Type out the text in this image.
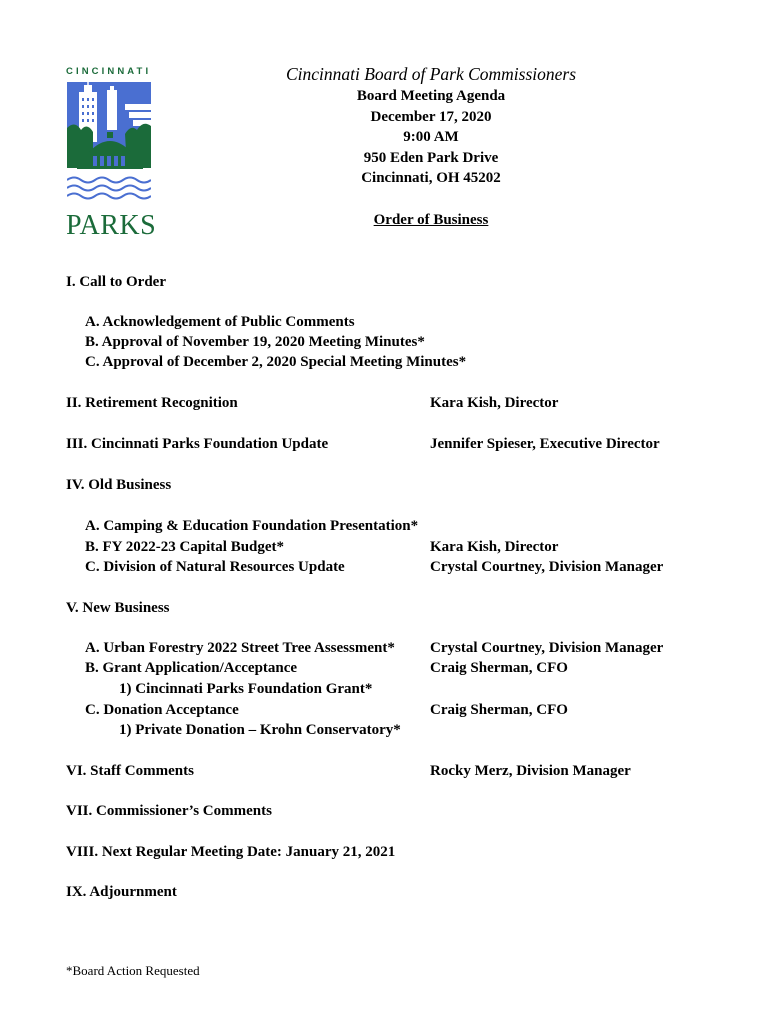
CINCINNATI
PARKS
Cincinnati Board of Park Commissioners
Board Meeting Agenda
December 17, 2020
9:00 AM
950 Eden Park Drive
Cincinnati, OH 45202
Order of Business
I. Call to Order
A. Acknowledgement of Public Comments
B. Approval of November 19, 2020 Meeting Minutes*
C. Approval of December 2, 2020 Special Meeting Minutes*
II. Retirement Recognition	Kara Kish, Director
III. Cincinnati Parks Foundation Update	Jennifer Spieser, Executive Director
IV. Old Business
A. Camping & Education Foundation Presentation*
B. FY 2022-23 Capital Budget*	Kara Kish, Director
C. Division of Natural Resources Update	Crystal Courtney, Division Manager
V. New Business
A. Urban Forestry 2022 Street Tree Assessment* Crystal Courtney, Division Manager
B. Grant Application/Acceptance	Craig Sherman, CFO
1) Cincinnati Parks Foundation Grant*
C. Donation Acceptance	Craig Sherman, CFO
1) Private Donation – Krohn Conservatory*
VI. Staff Comments	Rocky Merz, Division Manager
VII. Commissioner’s Comments
VIII. Next Regular Meeting Date: January 21, 2021
IX. Adjournment
*Board Action Requested
